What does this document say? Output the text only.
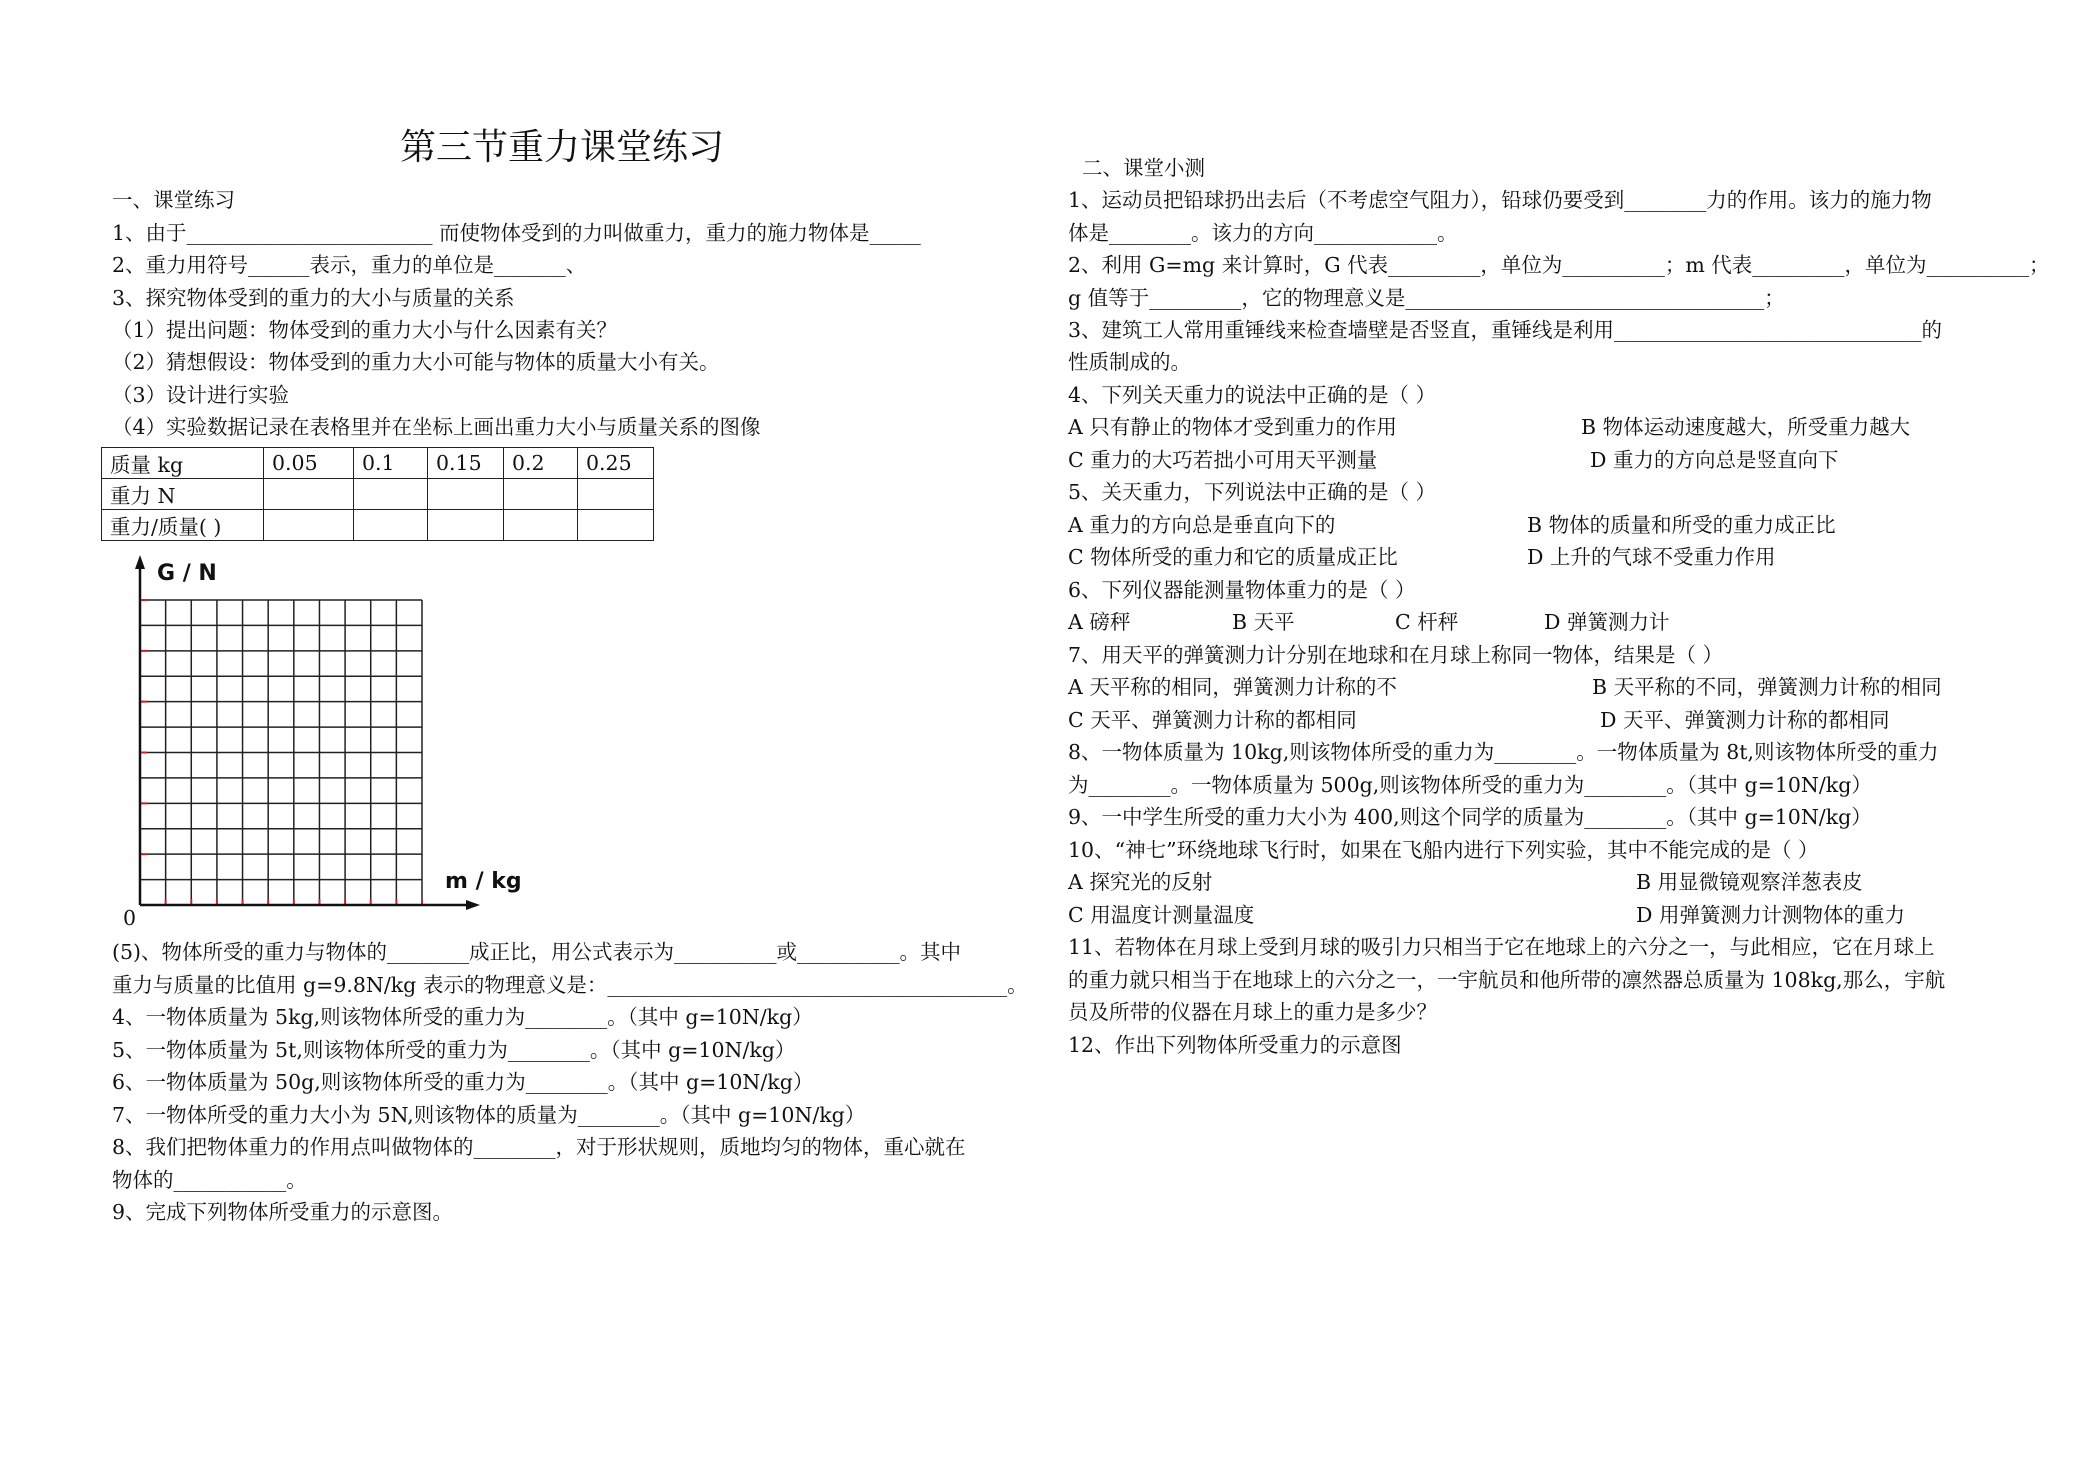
第三节重力课堂练习
一、课堂练习
1、由于________________________ 而使物体受到的力叫做重力，重力的施力物体是_____
2、重力用符号______表示，重力的单位是_______、
3、探究物体受到的重力的大小与质量的关系
（1）提出问题：物体受到的重力大小与什么因素有关？
（2）猜想假设：物体受到的重力大小可能与物体的质量大小有关。
（3）设计进行实验
（4）实验数据记录在表格里并在坐标上画出重力大小与质量关系的图像
(5)、物体所受的重力与物体的________成正比，用公式表示为__________或__________。其中
重力与质量的比值用 g=9.8N/kg 表示的物理意义是：_______________________________________。
4、一物体质量为 5kg,则该物体所受的重力为________。（其中 g=10N/kg）
5、一物体质量为 5t,则该物体所受的重力为________。（其中 g=10N/kg）
6、一物体质量为 50g,则该物体所受的重力为________。（其中 g=10N/kg）
7、一物体所受的重力大小为 5N,则该物体的质量为________。（其中 g=10N/kg）
8、我们把物体重力的作用点叫做物体的________，对于形状规则，质地均匀的物体，重心就在
物体的___________。
9、完成下列物体所受重力的示意图。
二、课堂小测
1、运动员把铅球扔出去后（不考虑空气阻力），铅球仍要受到________力的作用。该力的施力物
体是________。该力的方向____________。
2、利用 G=mg 来计算时，G 代表_________，单位为__________；m 代表_________，单位为__________；
g 值等于_________，它的物理意义是___________________________________；
3、建筑工人常用重锤线来检查墙壁是否竖直，重锤线是利用______________________________的
性质制成的。
4、下列关天重力的说法中正确的是（ ）
A 只有静止的物体才受到重力的作用	B 物体运动速度越大，所受重力越大
C 重力的大巧若拙小可用天平测量	D 重力的方向总是竖直向下
5、关天重力，下列说法中正确的是（ ）
A 重力的方向总是垂直向下的	B 物体的质量和所受的重力成正比
C 物体所受的重力和它的质量成正比	D 上升的气球不受重力作用
6、下列仪器能测量物体重力的是（ ）
A 磅秤	B 天平	C 杆秤	D 弹簧测力计
7、用天平的弹簧测力计分别在地球和在月球上称同一物体，结果是（ ）
A 天平称的相同，弹簧测力计称的不	B 天平称的不同，弹簧测力计称的相同
C 天平、弹簧测力计称的都相同	D 天平、弹簧测力计称的都相同
8、一物体质量为 10kg,则该物体所受的重力为________。一物体质量为 8t,则该物体所受的重力
为________。一物体质量为 500g,则该物体所受的重力为________。（其中 g=10N/kg）
9、一中学生所受的重力大小为 400,则这个同学的质量为________。（其中 g=10N/kg）
10、“神七”环绕地球飞行时，如果在飞船内进行下列实验，其中不能完成的是（ ）
A 探究光的反射	B 用显微镜观察洋葱表皮
C 用温度计测量温度	D 用弹簧测力计测物体的重力
11、若物体在月球上受到月球的吸引力只相当于它在地球上的六分之一，与此相应，它在月球上
的重力就只相当于在地球上的六分之一，一宇航员和他所带的凛然器总质量为 108kg,那么，宇航
员及所带的仪器在月球上的重力是多少？
12、作出下列物体所受重力的示意图
质量 kg	0.05	0.1	0.15	0.2	0.25
重力 N					
重力/质量( )					
G / N
m / kg
0
